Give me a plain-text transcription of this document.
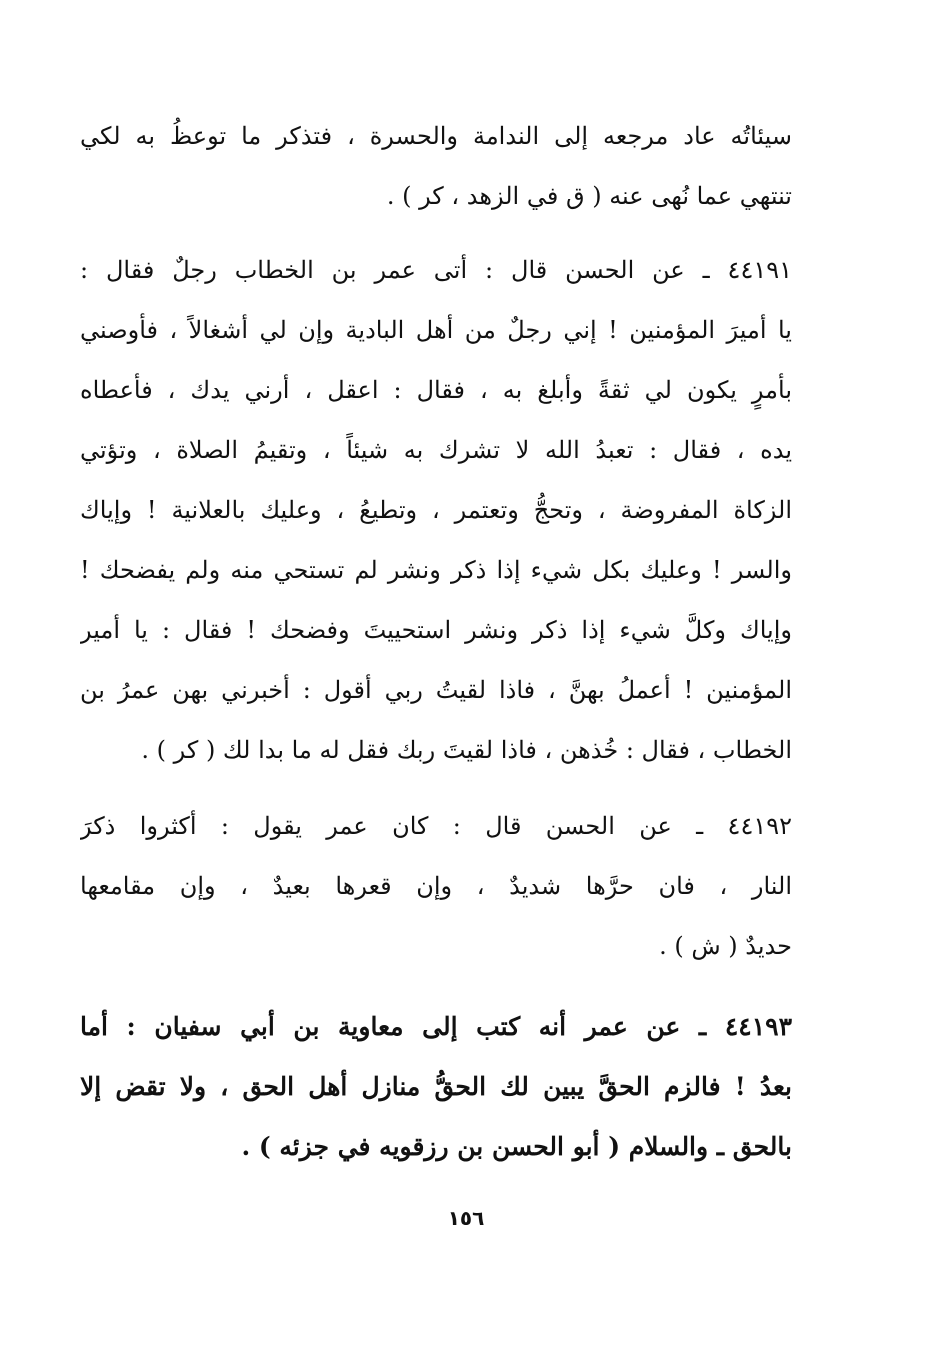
سيئاتُه عاد مرجعه إلى الندامة والحسرة ، فتذكر ما توعظُ به لكي
تنتهي عما نُهى عنه ( ق في الزهد ، كر ) .
٤٤١٩١ ـ عن الحسن قال : أتى عمر بن الخطاب رجلٌ فقال :
يا أميرَ المؤمنين ! إني رجلٌ من أهل البادية وإن لي أشغالاً ، فأوصني
بأمرٍ يكون لي ثقةً وأبلغ به ، فقال : اعقل ، أرني يدك ، فأعطاه
يده ، فقال : تعبدُ الله لا تشرك به شيئاً ، وتقيمُ الصلاة ، وتؤتي
الزكاة المفروضة ، وتحجُّ وتعتمر ، وتطيعُ ، وعليك بالعلانية ! وإياك
والسر ! وعليك بكل شيء إذا ذكر ونشر لم تستحي منه ولم يفضحك !
وإياك وكلَّ شيء إذا ذكر ونشر استحييتَ وفضحك ! فقال : يا أمير
المؤمنين ! أعملُ بهنَّ ، فاذا لقيتُ ربي أقول : أخبرني بهن عمرُ بن
الخطاب ، فقال : خُذهن ، فاذا لقيتَ ربك فقل له ما بدا لك ( كر ) .
٤٤١٩٢ ـ عن الحسن قال : كان عمر يقول : أكثروا ذكرَ
النار ، فان حرَّها شديدٌ ، وإن قعرها بعيدٌ ، وإن مقامعها
حديدٌ ( ش ) .
٤٤١٩٣ ـ عن عمر أنه كتب إلى معاوية بن أبي سفيان : أما
بعدُ ! فالزم الحقَّ يبين لك الحقُّ منازل أهل الحق ، ولا تقض إلا
بالحق ـ والسلام ( أبو الحسن بن رزقويه في جزئه ) .
١٥٦
